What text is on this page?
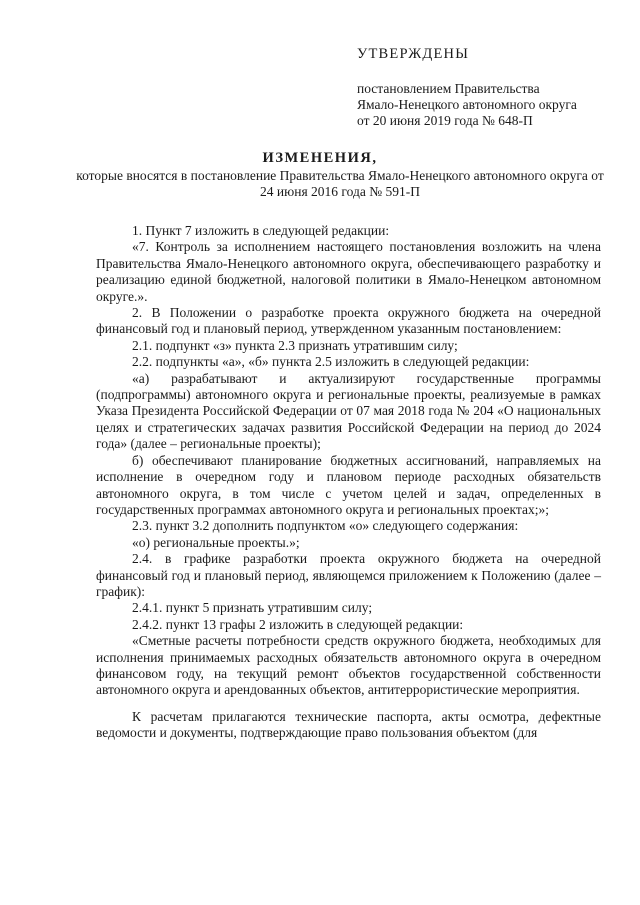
УТВЕРЖДЕНЫ
постановлением Правительства
Ямало-Ненецкого автономного округа
от 20 июня 2019 года № 648-П
ИЗМЕНЕНИЯ,
которые вносятся в постановление Правительства Ямало-Ненецкого автономного округа от 24 июня 2016 года № 591-П

1. Пункт 7 изложить в следующей редакции:

«7. Контроль за исполнением настоящего постановления возложить на члена Правительства Ямало-Ненецкого автономного округа, обеспечивающего разработку и реализацию единой бюджетной, налоговой политики в Ямало-Ненецком автономном округе.».

2. В Положении о разработке проекта окружного бюджета на очередной финансовый год и плановый период, утвержденном указанным постановлением:

2.1. подпункт «з» пункта 2.3 признать утратившим силу;

2.2. подпункты «а», «б» пункта 2.5 изложить в следующей редакции:

«а) разрабатывают и актуализируют государственные программы (подпрограммы) автономного округа и региональные проекты, реализуемые в рамках Указа Президента Российской Федерации от 07 мая 2018 года № 204 «О национальных целях и стратегических задачах развития Российской Федерации на период до 2024 года» (далее – региональные проекты);

б) обеспечивают планирование бюджетных ассигнований, направляемых на исполнение в очередном году и плановом периоде расходных обязательств автономного округа, в том числе с учетом целей и задач, определенных в государственных программах автономного округа и региональных проектах;»;

2.3. пункт 3.2 дополнить подпунктом «о» следующего содержания:

«о) региональные проекты.»;

2.4. в графике разработки проекта окружного бюджета на очередной финансовый год и плановый период, являющемся приложением к Положению (далее – график):

2.4.1. пункт 5 признать утратившим силу;

2.4.2. пункт 13 графы 2 изложить в следующей редакции:

«Сметные расчеты потребности средств окружного бюджета, необходимых для исполнения принимаемых расходных обязательств автономного округа в очередном финансовом году, на текущий ремонт объектов государственной собственности автономного округа и арендованных объектов, антитеррористические мероприятия.

К расчетам прилагаются технические паспорта, акты осмотра, дефектные ведомости и документы, подтверждающие право пользования объектом (для
